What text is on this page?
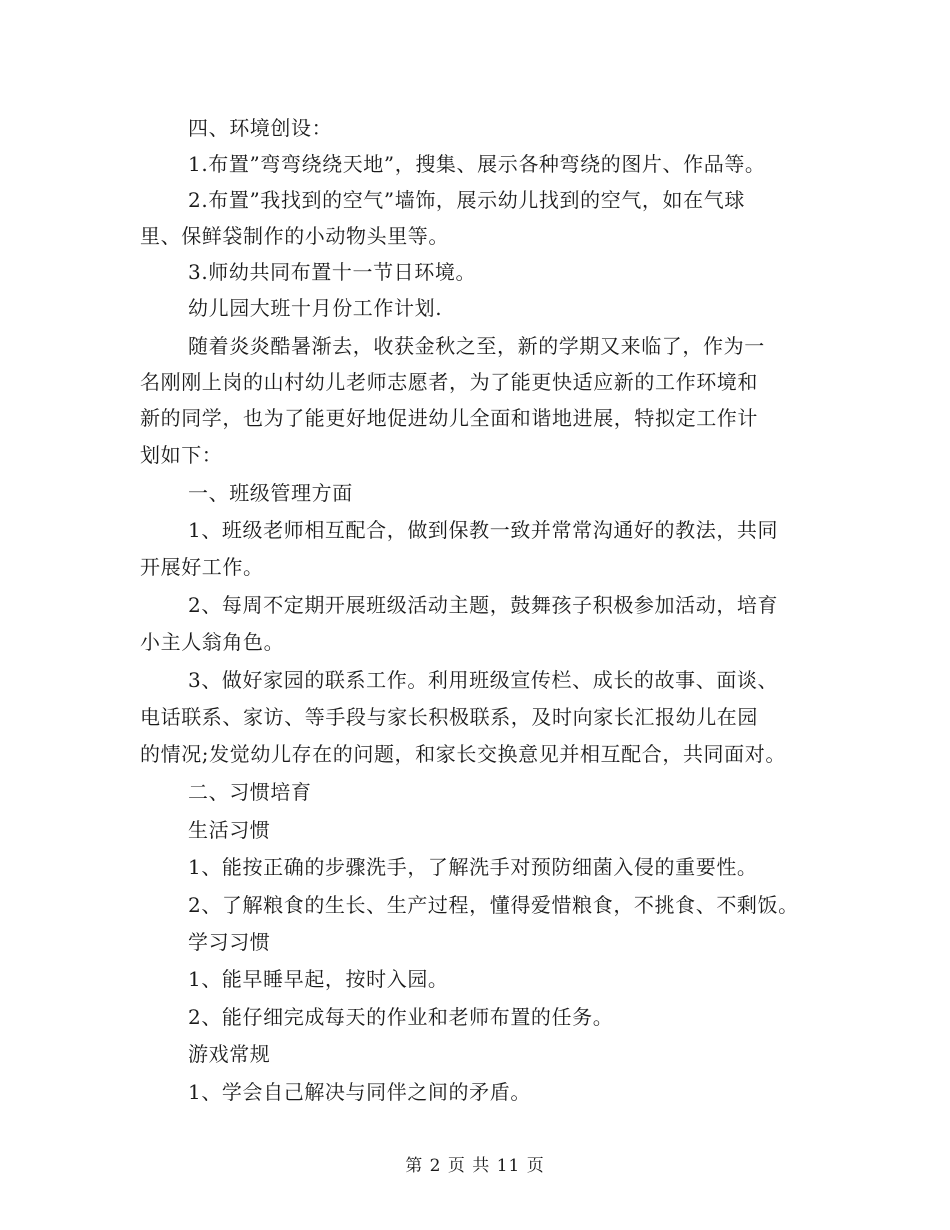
四、环境创设：
1.布置”弯弯绕绕天地”，搜集、展示各种弯绕的图片、作品等。
2.布置”我找到的空气”墙饰，展示幼儿找到的空气，如在气球
里、保鲜袋制作的小动物头里等。
3.师幼共同布置十一节日环境。
幼儿园大班十月份工作计划.
随着炎炎酷暑渐去，收获金秋之至，新的学期又来临了，作为一
名刚刚上岗的山村幼儿老师志愿者，为了能更快适应新的工作环境和
新的同学，也为了能更好地促进幼儿全面和谐地进展，特拟定工作计
划如下：
一、班级管理方面
1、班级老师相互配合，做到保教一致并常常沟通好的教法，共同
开展好工作。
2、每周不定期开展班级活动主题，鼓舞孩子积极参加活动，培育
小主人翁角色。
3、做好家园的联系工作。利用班级宣传栏、成长的故事、面谈、
电话联系、家访、等手段与家长积极联系，及时向家长汇报幼儿在园
的情况;发觉幼儿存在的问题，和家长交换意见并相互配合，共同面对。
二、习惯培育
生活习惯
1、能按正确的步骤洗手，了解洗手对预防细菌入侵的重要性。
2、了解粮食的生长、生产过程，懂得爱惜粮食，不挑食、不剩饭。
学习习惯
1、能早睡早起，按时入园。
2、能仔细完成每天的作业和老师布置的任务。
游戏常规
1、学会自己解决与同伴之间的矛盾。
第 2 页 共 11 页
